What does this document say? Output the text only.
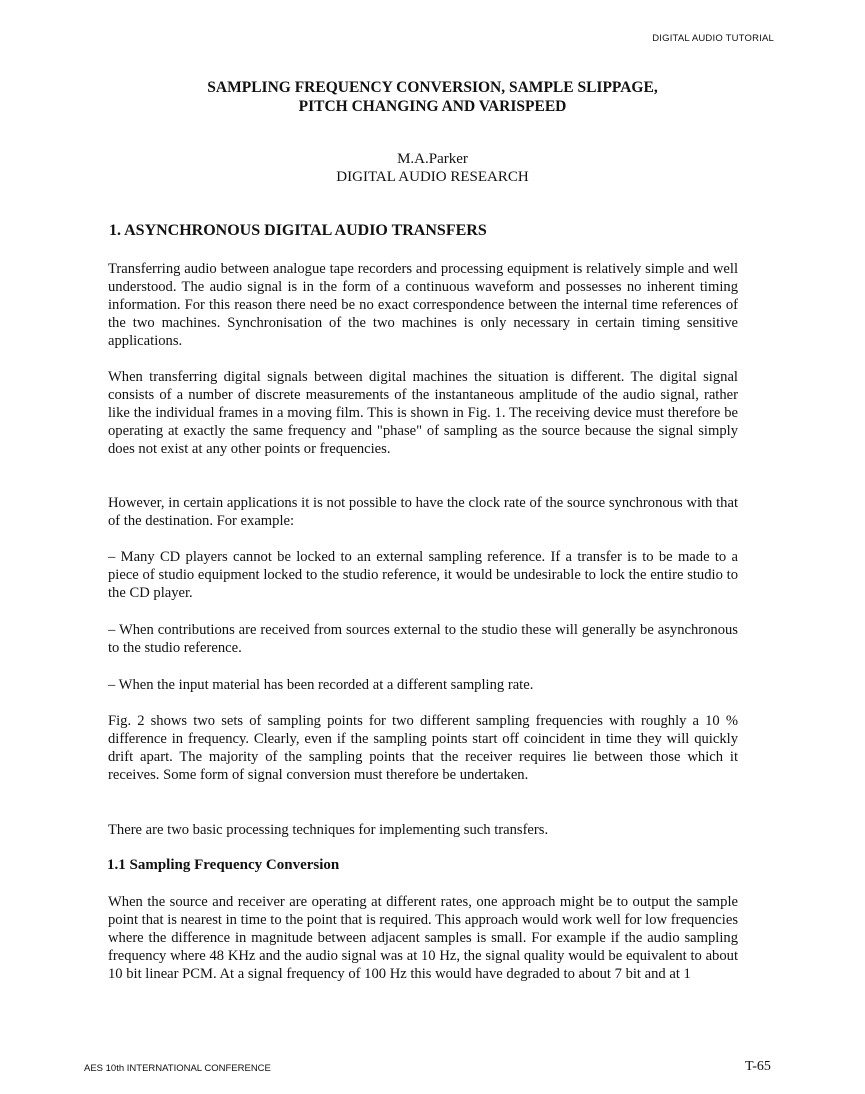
DIGITAL AUDIO TUTORIAL
SAMPLING FREQUENCY CONVERSION, SAMPLE SLIPPAGE,
PITCH CHANGING AND VARISPEED
M.A.Parker
DIGITAL AUDIO RESEARCH
1. ASYNCHRONOUS DIGITAL AUDIO TRANSFERS

Transferring audio between analogue tape recorders and processing equipment is relatively simple and well understood. The audio signal is in the form of a continuous waveform and possesses no inherent timing information. For this reason there need be no exact correspondence between the internal time references of the two machines. Synchronisation of the two machines is only necessary in certain timing sensitive applications.

When transferring digital signals between digital machines the situation is different. The digital signal consists of a number of discrete measurements of the instantaneous amplitude of the audio signal, rather like the individual frames in a moving film. This is shown in Fig. 1. The receiving device must therefore be operating at exactly the same frequency and "phase" of sampling as the source because the signal simply does not exist at any other points or frequencies.

However, in certain applications it is not possible to have the clock rate of the source synchronous with that of the destination. For example:

– Many CD players cannot be locked to an external sampling reference. If a transfer is to be made to a piece of studio equipment locked to the studio reference, it would be undesirable to lock the entire studio to the CD player.

– When contributions are received from sources external to the studio these will generally be asynchronous to the studio reference.

– When the input material has been recorded at a different sampling rate.

Fig. 2 shows two sets of sampling points for two different sampling frequencies with roughly a 10 % difference in frequency. Clearly, even if the sampling points start off coincident in time they will quickly drift apart. The majority of the sampling points that the receiver requires lie between those which it receives. Some form of signal conversion must therefore be undertaken.

There are two basic processing techniques for implementing such transfers.

1.1 Sampling Frequency Conversion

When the source and receiver are operating at different rates, one approach might be to output the sample point that is nearest in time to the point that is required. This approach would work well for low frequencies where the difference in magnitude between adjacent samples is small. For example if the audio sampling frequency where 48 KHz and the audio signal was at 10 Hz, the signal quality would be equivalent to about 10 bit linear PCM. At a signal frequency of 100 Hz this would have degraded to about 7 bit and at 1

AES 10th INTERNATIONAL CONFERENCE	T-65
